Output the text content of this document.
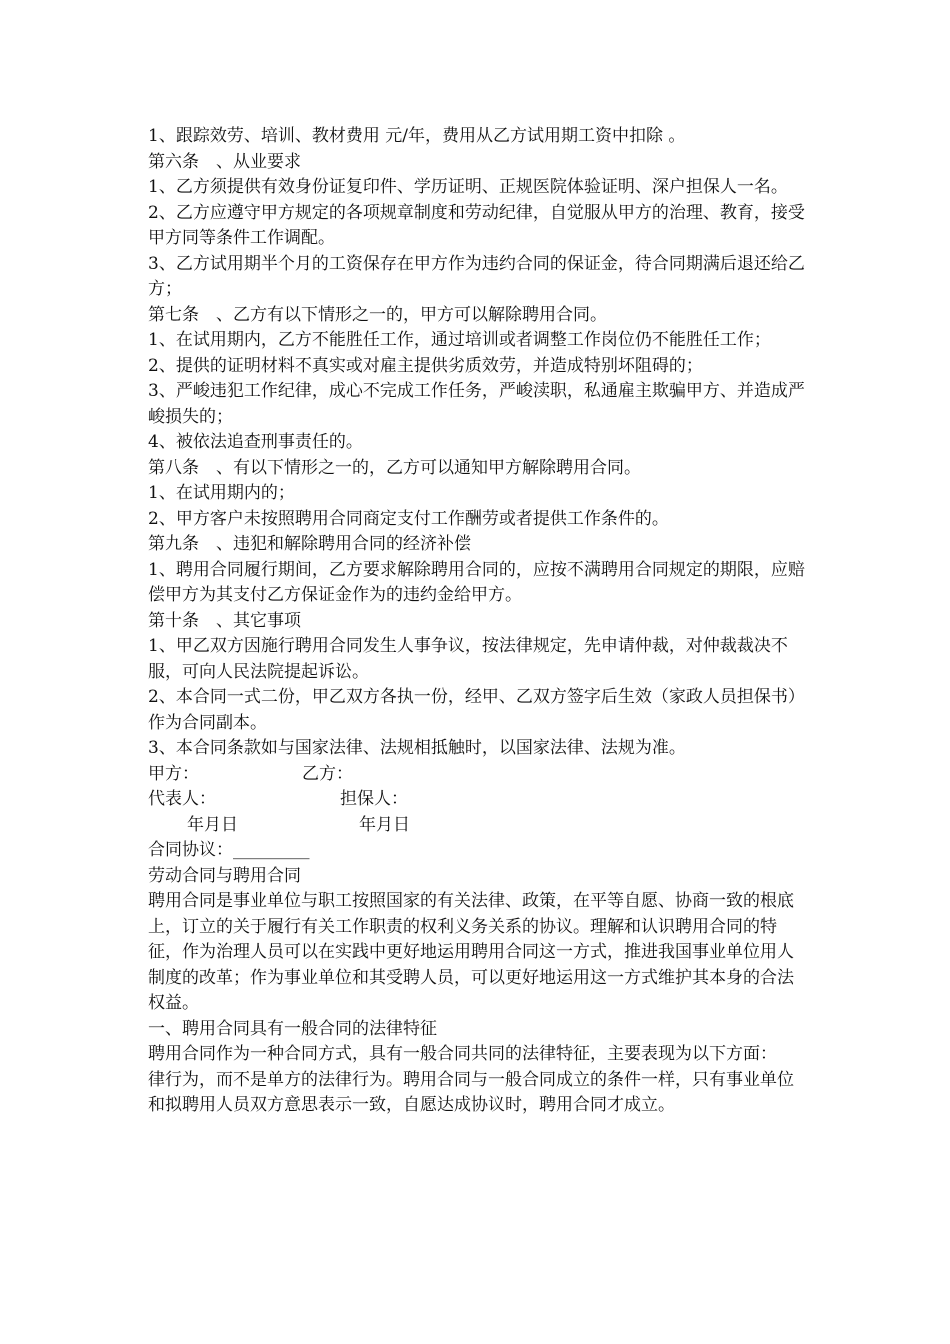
1、跟踪效劳、培训、教材费用 元/年，费用从乙方试用期工资中扣除 。
第六条　、从业要求
1、乙方须提供有效身份证复印件、学历证明、正规医院体验证明、深户担保人一名。
2、乙方应遵守甲方规定的各项规章制度和劳动纪律，自觉服从甲方的治理、教育，接受甲方同等条件工作调配。
3、乙方试用期半个月的工资保存在甲方作为违约合同的保证金，待合同期满后退还给乙方；
第七条　、乙方有以下情形之一的，甲方可以解除聘用合同。
1、在试用期内，乙方不能胜任工作，通过培训或者调整工作岗位仍不能胜任工作；
2、提供的证明材料不真实或对雇主提供劣质效劳，并造成特别坏阻碍的；
3、严峻违犯工作纪律，成心不完成工作任务，严峻渎职，私通雇主欺骗甲方、并造成严峻损失的；
4、被依法追查刑事责任的。
第八条　、有以下情形之一的，乙方可以通知甲方解除聘用合同。
1、在试用期内的；
2、甲方客户未按照聘用合同商定支付工作酬劳或者提供工作条件的。
第九条　、违犯和解除聘用合同的经济补偿
1、聘用合同履行期间，乙方要求解除聘用合同的，应按不满聘用合同规定的期限，应赔偿甲方为其支付乙方保证金作为的违约金给甲方。
第十条　、其它事项
1、甲乙双方因施行聘用合同发生人事争议，按法律规定，先申请仲裁，对仲裁裁决不服，可向人民法院提起诉讼。
2、本合同一式二份，甲乙双方各执一份，经甲、乙双方签字后生效（家政人员担保书）作为合同副本。
3、本合同条款如与国家法律、法规相抵触时，以国家法律、法规为准。
甲方：	乙方：
代表人：	担保人：
年月日	年月日
合同协议：_________
劳动合同与聘用合同
聘用合同是事业单位与职工按照国家的有关法律、政策，在平等自愿、协商一致的根底上，订立的关于履行有关工作职责的权利义务关系的协议。理解和认识聘用合同的特征，作为治理人员可以在实践中更好地运用聘用合同这一方式，推进我国事业单位用人制度的改革；作为事业单位和其受聘人员，可以更好地运用这一方式维护其本身的合法权益。
一、聘用合同具有一般合同的法律特征
聘用合同作为一种合同方式，具有一般合同共同的法律特征，主要表现为以下方面：
律行为，而不是单方的法律行为。聘用合同与一般合同成立的条件一样，只有事业单位和拟聘用人员双方意思表示一致，自愿达成协议时，聘用合同才成立。
